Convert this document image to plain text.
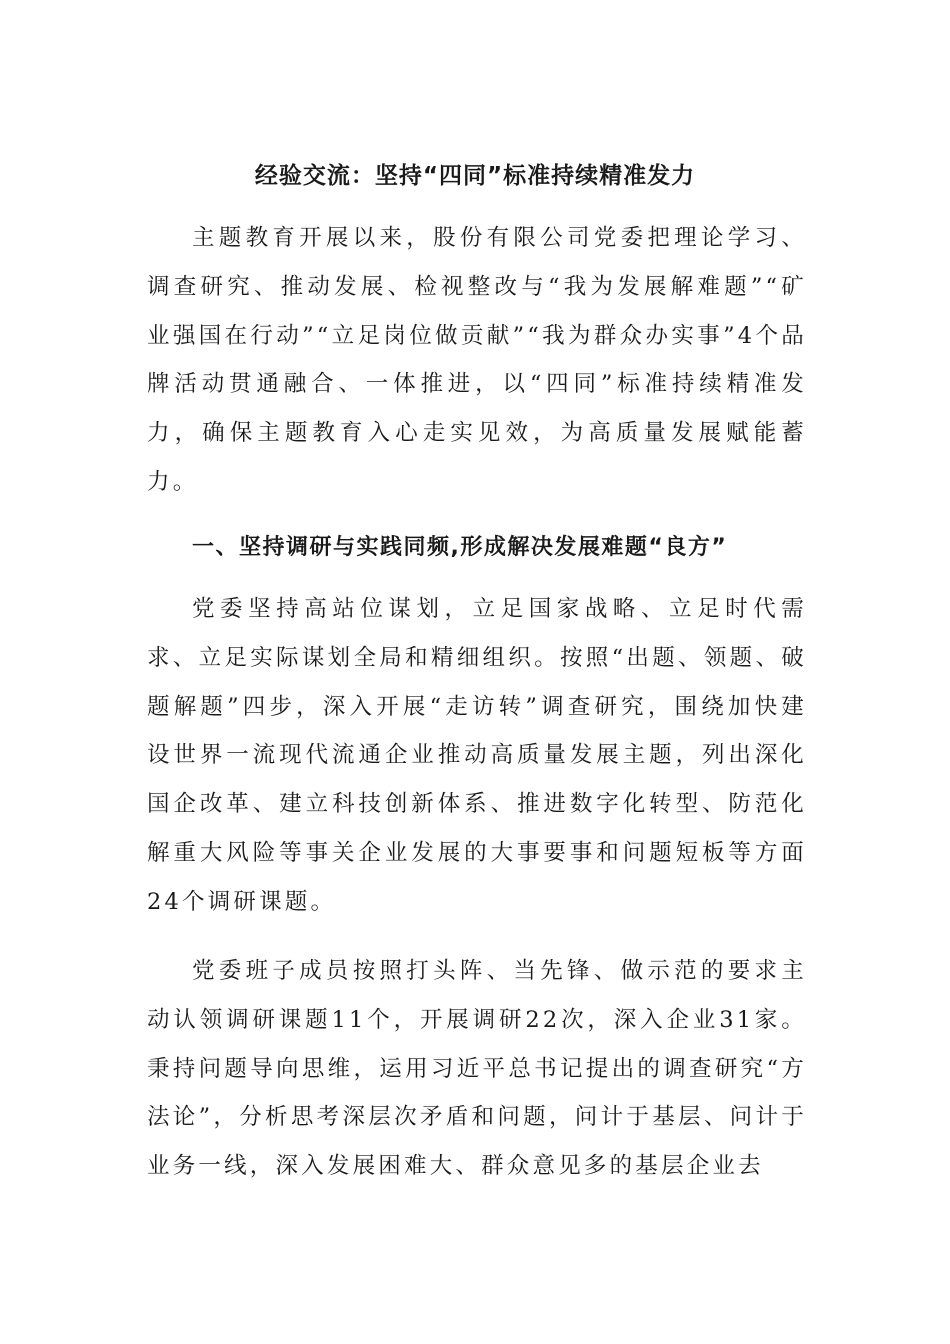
经验交流：坚持“四同”标准持续精准发力

主题教育开展以来，股份有限公司党委把理论学习、调查研究、推动发展、检视整改与“我为发展解难题”“矿业强国在行动”“立足岗位做贡献”“我为群众办实事”4个品牌活动贯通融合、一体推进，以“四同”标准持续精准发力，确保主题教育入心走实见效，为高质量发展赋能蓄力。

一、坚持调研与实践同频,形成解决发展难题“良方”

党委坚持高站位谋划，立足国家战略、立足时代需求、立足实际谋划全局和精细组织。按照“出题、领题、破题解题”四步，深入开展“走访转”调查研究，围绕加快建设世界一流现代流通企业推动高质量发展主题，列出深化国企改革、建立科技创新体系、推进数字化转型、防范化解重大风险等事关企业发展的大事要事和问题短板等方面24个调研课题。

党委班子成员按照打头阵、当先锋、做示范的要求主动认领调研课题11个，开展调研22次，深入企业31家。秉持问题导向思维，运用习近平总书记提出的调查研究“方法论”，分析思考深层次矛盾和问题，问计于基层、问计于业务一线，深入发展困难大、群众意见多的基层企业去
